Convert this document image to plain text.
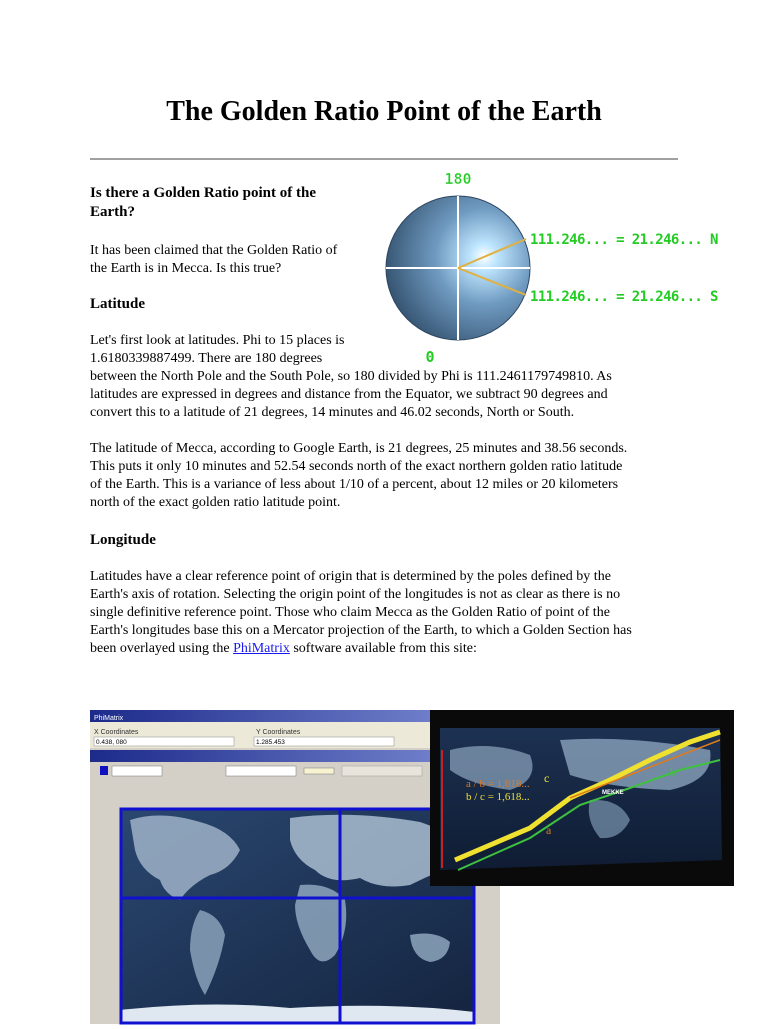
The Golden Ratio Point of the Earth
Is there a Golden Ratio point of the
Earth?
It has been claimed that the Golden Ratio of
the Earth is in Mecca. Is this true?
Latitude
Let's first look at latitudes. Phi to 15 places is
1.6180339887499. There are 180 degrees
between the North Pole and the South Pole, so 180 divided by Phi is 111.2461179749810. As
latitudes are expressed in degrees and distance from the Equator, we subtract 90 degrees and
convert this to a latitude of 21 degrees, 14 minutes and 46.02 seconds, North or South.
The latitude of Mecca, according to Google Earth, is 21 degrees, 25 minutes and 38.56 seconds.
This puts it only 10 minutes and 52.54 seconds north of the exact northern golden ratio latitude
of the Earth. This is a variance of less about 1/10 of a percent, about 12 miles or 20 kilometers
north of the exact golden ratio latitude point.
Longitude
Latitudes have a clear reference point of origin that is determined by the poles defined by the
Earth's axis of rotation. Selecting the origin point of the longitudes is not as clear as there is no
single definitive reference point. Those who claim Mecca as the Golden Ratio of point of the
Earth's longitudes base this on a Mercator projection of the Earth, to which a Golden Section has
been overlayed using the PhiMatrix software available from this site:
180
0
111.246... = 21.246... N
111.246... = 21.246... S
PhiMatrix
X Coordinates	Y Coordinates
0.438, 080	1.285.453
a / b = 1,618...
b / c = 1,618...	MEKKE
c	b
a
